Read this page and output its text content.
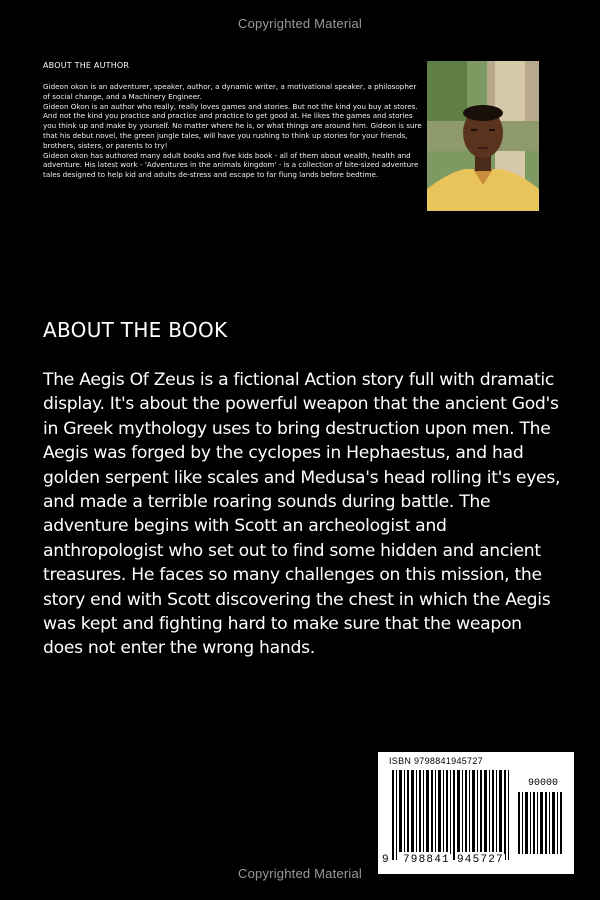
Copyrighted Material
ABOUT THE AUTHOR

Gideon okon is an adventurer, speaker, author, a dynamic writer, a motivational speaker, a philosopher of social change, and a Machinery Engineer.

Gideon Okon is an author who really, really loves games and stories. But not the kind you buy at stores. And not the kind you practice and practice and practice to get good at. He likes the games and stories you think up and make by yourself. No matter where he is, or what things are around him. Gideon is sure that his debut novel, the green jungle tales, will have you rushing to think up stories for your friends, brothers, sisters, or parents to try!

Gideon okon has authored many adult books and five kids book - all of them about wealth, health and adventure. His latest work - 'Adventures in the animals kingdom' - is a collection of bite-sized adventure tales designed to help kid and adults de-stress and escape to far flung lands before bedtime.

ABOUT THE BOOK
The Aegis Of Zeus is a fictional Action story full with dramatic display. It's about the powerful weapon that the ancient God's in Greek mythology uses to bring destruction upon men. The Aegis was forged by the cyclopes in Hephaestus, and had golden serpent like scales and Medusa's head rolling it's eyes, and made a terrible roaring sounds during battle. The adventure begins with Scott an archeologist and anthropologist who set out to find some hidden and ancient treasures. He faces so many challenges on this mission, the story end with Scott discovering the chest in which the Aegis was kept and fighting hard to make sure that the weapon does not enter the wrong hands.
ISBN 9798841945727
90000
9 798841 945727
Copyrighted Material
